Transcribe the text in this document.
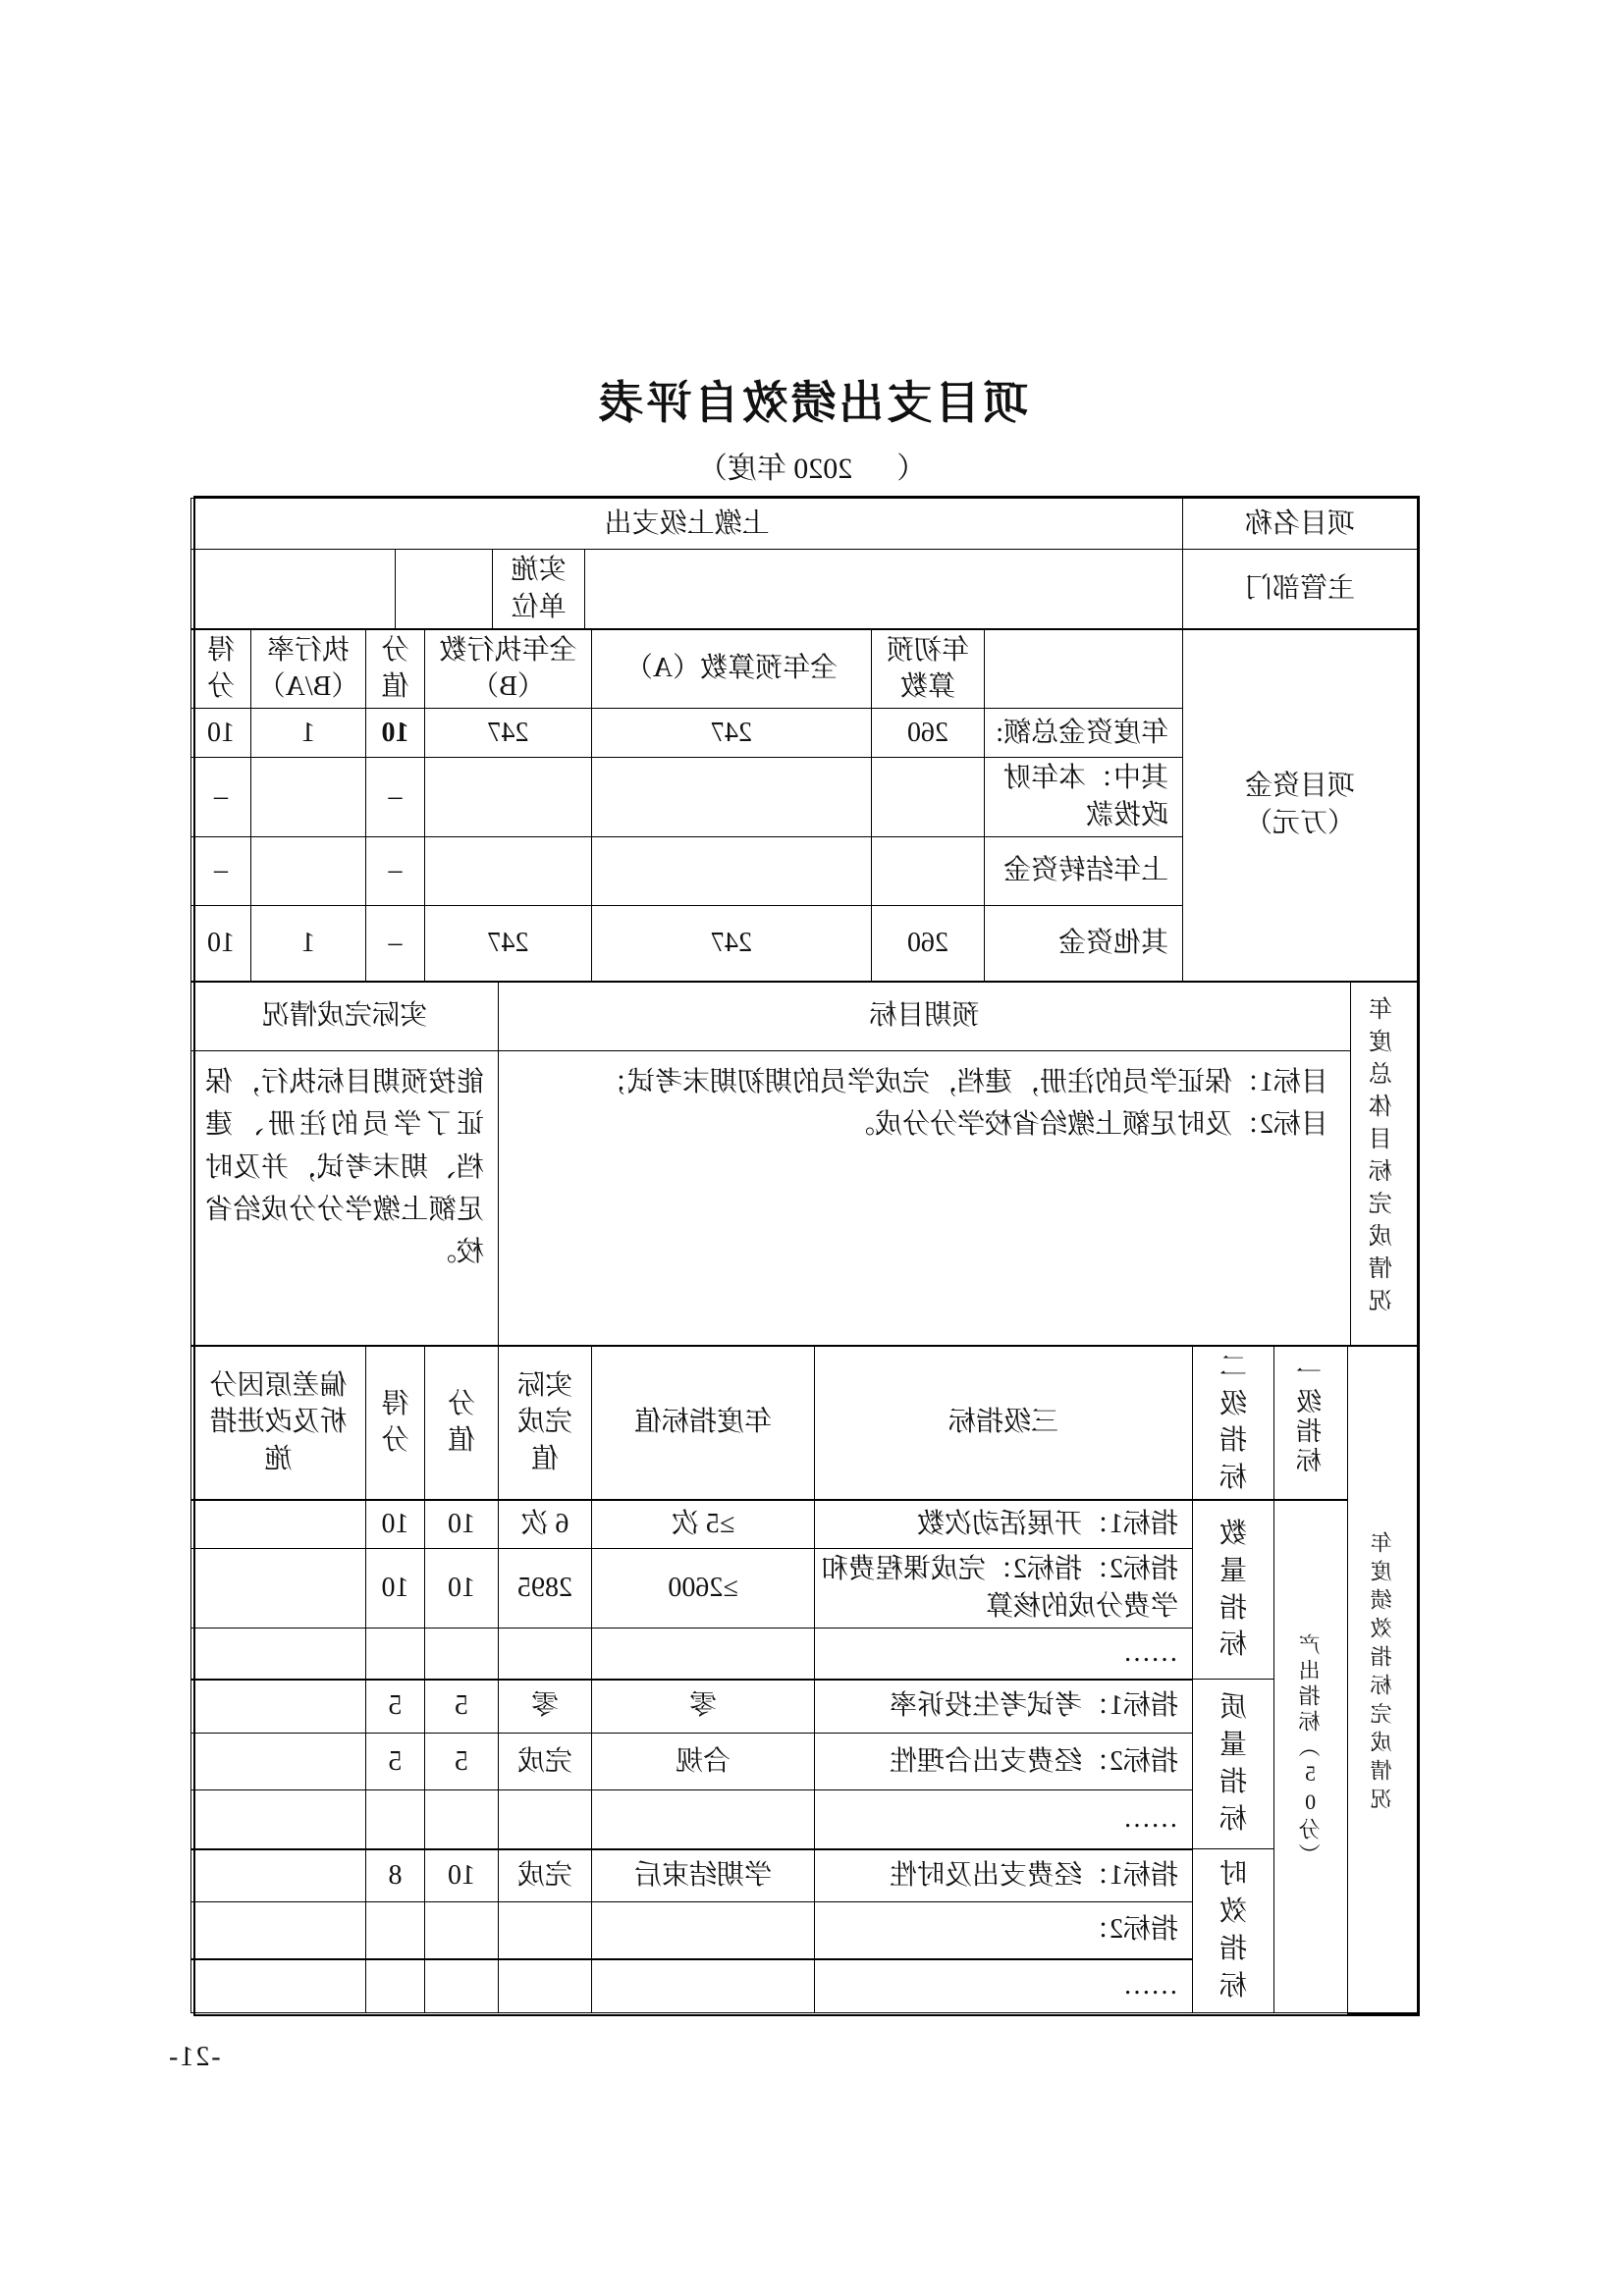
项目支出绩效自评表
（      2020 年度）
项目名称	上缴上级支出			
主管部门		实施单位		
项目资金
（万元）		年初预算数	全年预算数（A）	全年执行数（B）	分值	执行率（B/A）	得分
	年度资金总额:	260	247	247	10	1	10
	其中：本年财政拨款				–		–
	上年结转资金				–		–
	其他资金	260	247	247	–	1	10
年度总体目标完成情况	预期目标	实际完成情况

	目标1：保证学员的注册，建档，完成学员的期初期末考试；
目标2：及时足额上缴给省校学分分成。	能按预期目标执行，保证了学员的注册、建档、期末考试，并及时足额上缴学分分成给省校。
年度绩效指标完成情况	一级指标	二级指标	三级指标	年度指标值	实际完成值	分值	得分	偏差原因分析及改进措施
	产出指标（50分）	数量指标	指标1：开展活动次数	≥5 次	6 次	10	10	
			指标2：指标2：完成课程费和学费分成的核算	≥2600	2895	10	10	
			……					
		质量指标	指标1：考试考生投诉率	零	零	5	5	
			指标2：经费支出合理性	合规	完成	5	5	
			……					
		时效指标	指标1：经费支出及时性	学期结束后	完成	10	8	
			指标2：					
			……					
-21-
